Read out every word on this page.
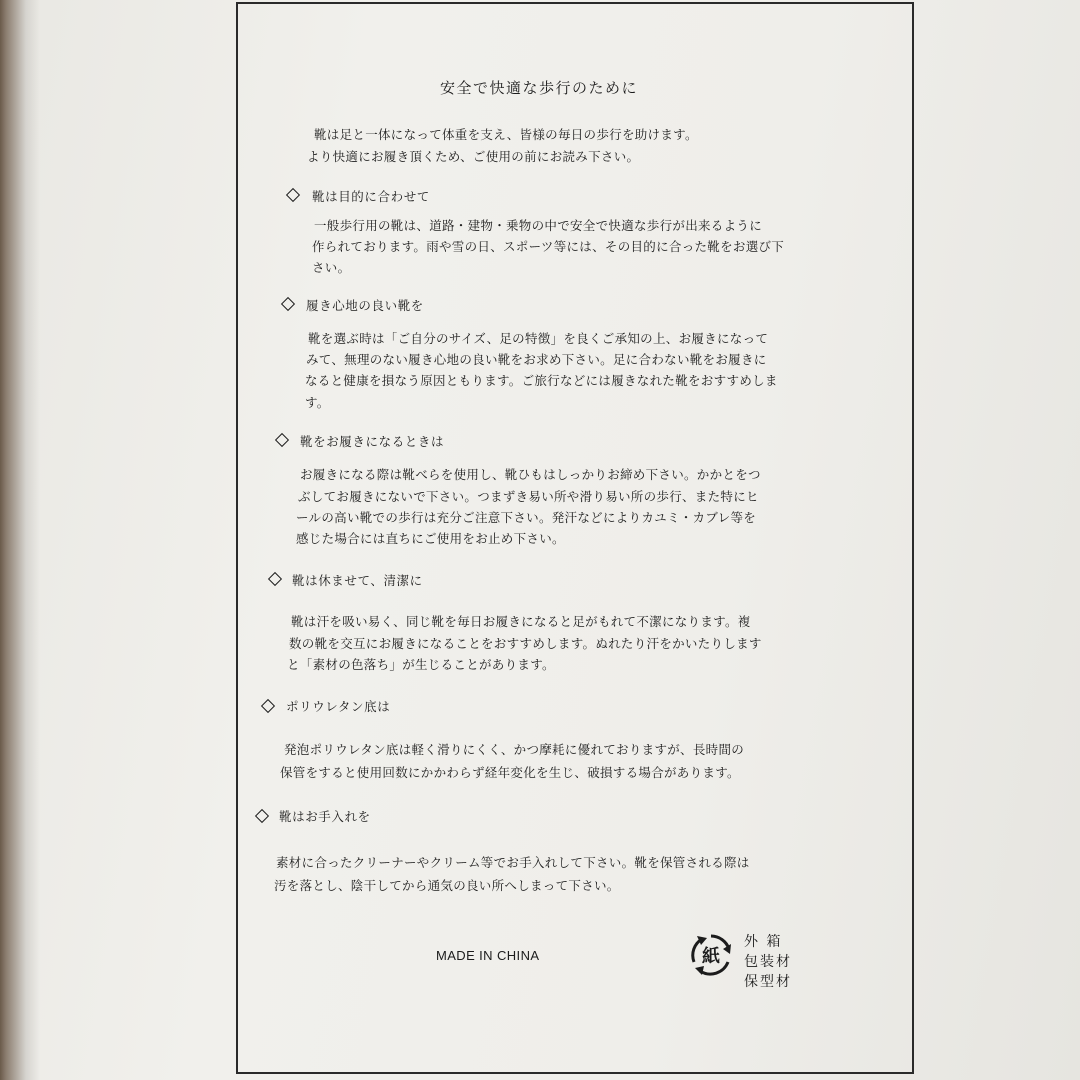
安全で快適な歩行のために
靴は足と一体になって体重を支え、皆様の毎日の歩行を助けます。
より快適にお履き頂くため、ご使用の前にお読み下さい。
靴は目的に合わせて
一般歩行用の靴は、道路・建物・乗物の中で安全で快適な歩行が出来るように
作られております。雨や雪の日、スポーツ等には、その目的に合った靴をお選び下
さい。
履き心地の良い靴を
靴を選ぶ時は「ご自分のサイズ、足の特徴」を良くご承知の上、お履きになって
みて、無理のない履き心地の良い靴をお求め下さい。足に合わない靴をお履きに
なると健康を損なう原因ともります。ご旅行などには履きなれた靴をおすすめしま
す。
靴をお履きになるときは
お履きになる際は靴べらを使用し、靴ひもはしっかりお締め下さい。かかとをつ
ぶしてお履きにないで下さい。つまずき易い所や滑り易い所の歩行、また特にヒ
ールの高い靴での歩行は充分ご注意下さい。発汗などによりカユミ・カブレ等を
感じた場合には直ちにご使用をお止め下さい。
靴は休ませて、清潔に
靴は汗を吸い易く、同じ靴を毎日お履きになると足がもれて不潔になります。複
数の靴を交互にお履きになることをおすすめします。ぬれたり汗をかいたりします
と「素材の色落ち」が生じることがあります。
ポリウレタン底は
発泡ポリウレタン底は軽く滑りにくく、かつ摩耗に優れておりますが、長時間の
保管をすると使用回数にかかわらず経年変化を生じ、破損する場合があります。
靴はお手入れを
素材に合ったクリーナーやクリーム等でお手入れして下さい。靴を保管される際は
汚を落とし、陰干してから通気の良い所へしまって下さい。
MADE IN CHINA	紙
外 箱
包装材
保型材
